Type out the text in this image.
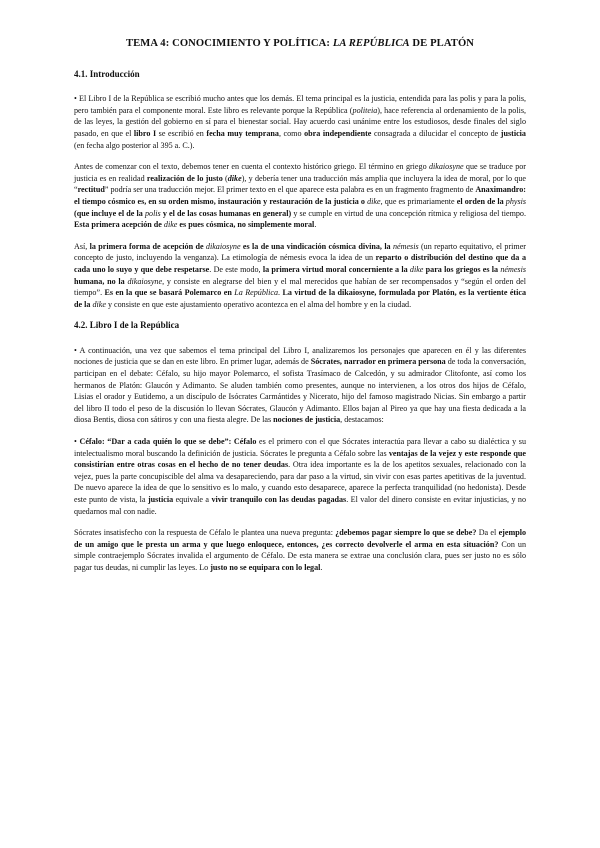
TEMA 4: CONOCIMIENTO Y POLÍTICA: LA REPÚBLICA DE PLATÓN
4.1. Introducción

• El Libro I de la República se escribió mucho antes que los demás. El tema principal es la justicia, entendida para las polis y para la polis, pero también para el componente moral. Este libro es relevante porque la República (politeia), hace referencia al ordenamiento de la polis, de las leyes, la gestión del gobierno en sí para el bienestar social. Hay acuerdo casi unánime entre los estudiosos, desde finales del siglo pasado, en que el libro I se escribió en fecha muy temprana, como obra independiente consagrada a dilucidar el concepto de justicia (en fecha algo posterior al 395 a. C.).

Antes de comenzar con el texto, debemos tener en cuenta el contexto histórico griego. El término en griego dikaiosyne que se traduce por justicia es en realidad realización de lo justo (dike), y debería tener una traducción más amplia que incluyera la idea de moral, por lo que “rectitud” podría ser una traducción mejor. El primer texto en el que aparece esta palabra es en un fragmento fragmento de Anaximandro: el tiempo cósmico es, en su orden mismo, instauración y restauración de la justicia o dike, que es primariamente el orden de la physis (que incluye el de la polis y el de las cosas humanas en general) y se cumple en virtud de una concepción rítmica y religiosa del tiempo. Esta primera acepción de dike es pues cósmica, no simplemente moral.

Así, la primera forma de acepción de dikaiosyne es la de una vindicación cósmica divina, la némesis (un reparto equitativo, el primer concepto de justo, incluyendo la venganza). La etimología de némesis evoca la idea de un reparto o distribución del destino que da a cada uno lo suyo y que debe respetarse. De este modo, la primera virtud moral concerniente a la dike para los griegos es la némesis humana, no la dikaiosyne, y consiste en alegrarse del bien y el mal merecidos que habían de ser recompensados y “según el orden del tiempo”. Es en la que se basará Polemarco en La República. La virtud de la dikaiosyne, formulada por Platón, es la vertiente ética de la dike y consiste en que este ajustamiento operativo acontezca en el alma del hombre y en la ciudad.

4.2. Libro I de la República

• A continuación, una vez que sabemos el tema principal del Libro I, analizaremos los personajes que aparecen en él y las diferentes nociones de justicia que se dan en este libro. En primer lugar, además de Sócrates, narrador en primera persona de toda la conversación, participan en el debate: Céfalo, su hijo mayor Polemarco, el sofista Trasímaco de Calcedón, y su admirador Clitofonte, así como los hermanos de Platón: Glaucón y Adimanto. Se aluden también como presentes, aunque no intervienen, a los otros dos hijos de Céfalo, Lisias el orador y Eutidemo, a un discípulo de Isócrates Carmántides y Nicerato, hijo del famoso magistrado Nicias. Sin embargo a partir del libro II todo el peso de la discusión lo llevan Sócrates, Glaucón y Adimanto. Ellos bajan al Pireo ya que hay una fiesta dedicada a la diosa Bentis, diosa con sátiros y con una fiesta alegre. De las nociones de justicia, destacamos:

• Céfalo: “Dar a cada quién lo que se debe”: Céfalo es el primero con el que Sócrates interactúa para llevar a cabo su dialéctica y su intelectualismo moral buscando la definición de justicia. Sócrates le pregunta a Céfalo sobre las ventajas de la vejez y este responde que consistirían entre otras cosas en el hecho de no tener deudas. Otra idea importante es la de los apetitos sexuales, relacionado con la vejez, pues la parte concupiscible del alma va desapareciendo, para dar paso a la virtud, sin vivir con esas partes apetitivas de la juventud. De nuevo aparece la idea de que lo sensitivo es lo malo, y cuando esto desaparece, aparece la perfecta tranquilidad (no hedonista). Desde este punto de vista, la justicia equivale a vivir tranquilo con las deudas pagadas. El valor del dinero consiste en evitar injusticias, y no quedarnos mal con nadie.

Sócrates insatisfecho con la respuesta de Céfalo le plantea una nueva pregunta: ¿debemos pagar siempre lo que se debe? Da el ejemplo de un amigo que le presta un arma y que luego enloquece, entonces, ¿es correcto devolverle el arma en esta situación? Con un simple contraejemplo Sócrates invalida el argumento de Céfalo. De esta manera se extrae una conclusión clara, pues ser justo no es sólo pagar tus deudas, ni cumplir las leyes. Lo justo no se equipara con lo legal.
